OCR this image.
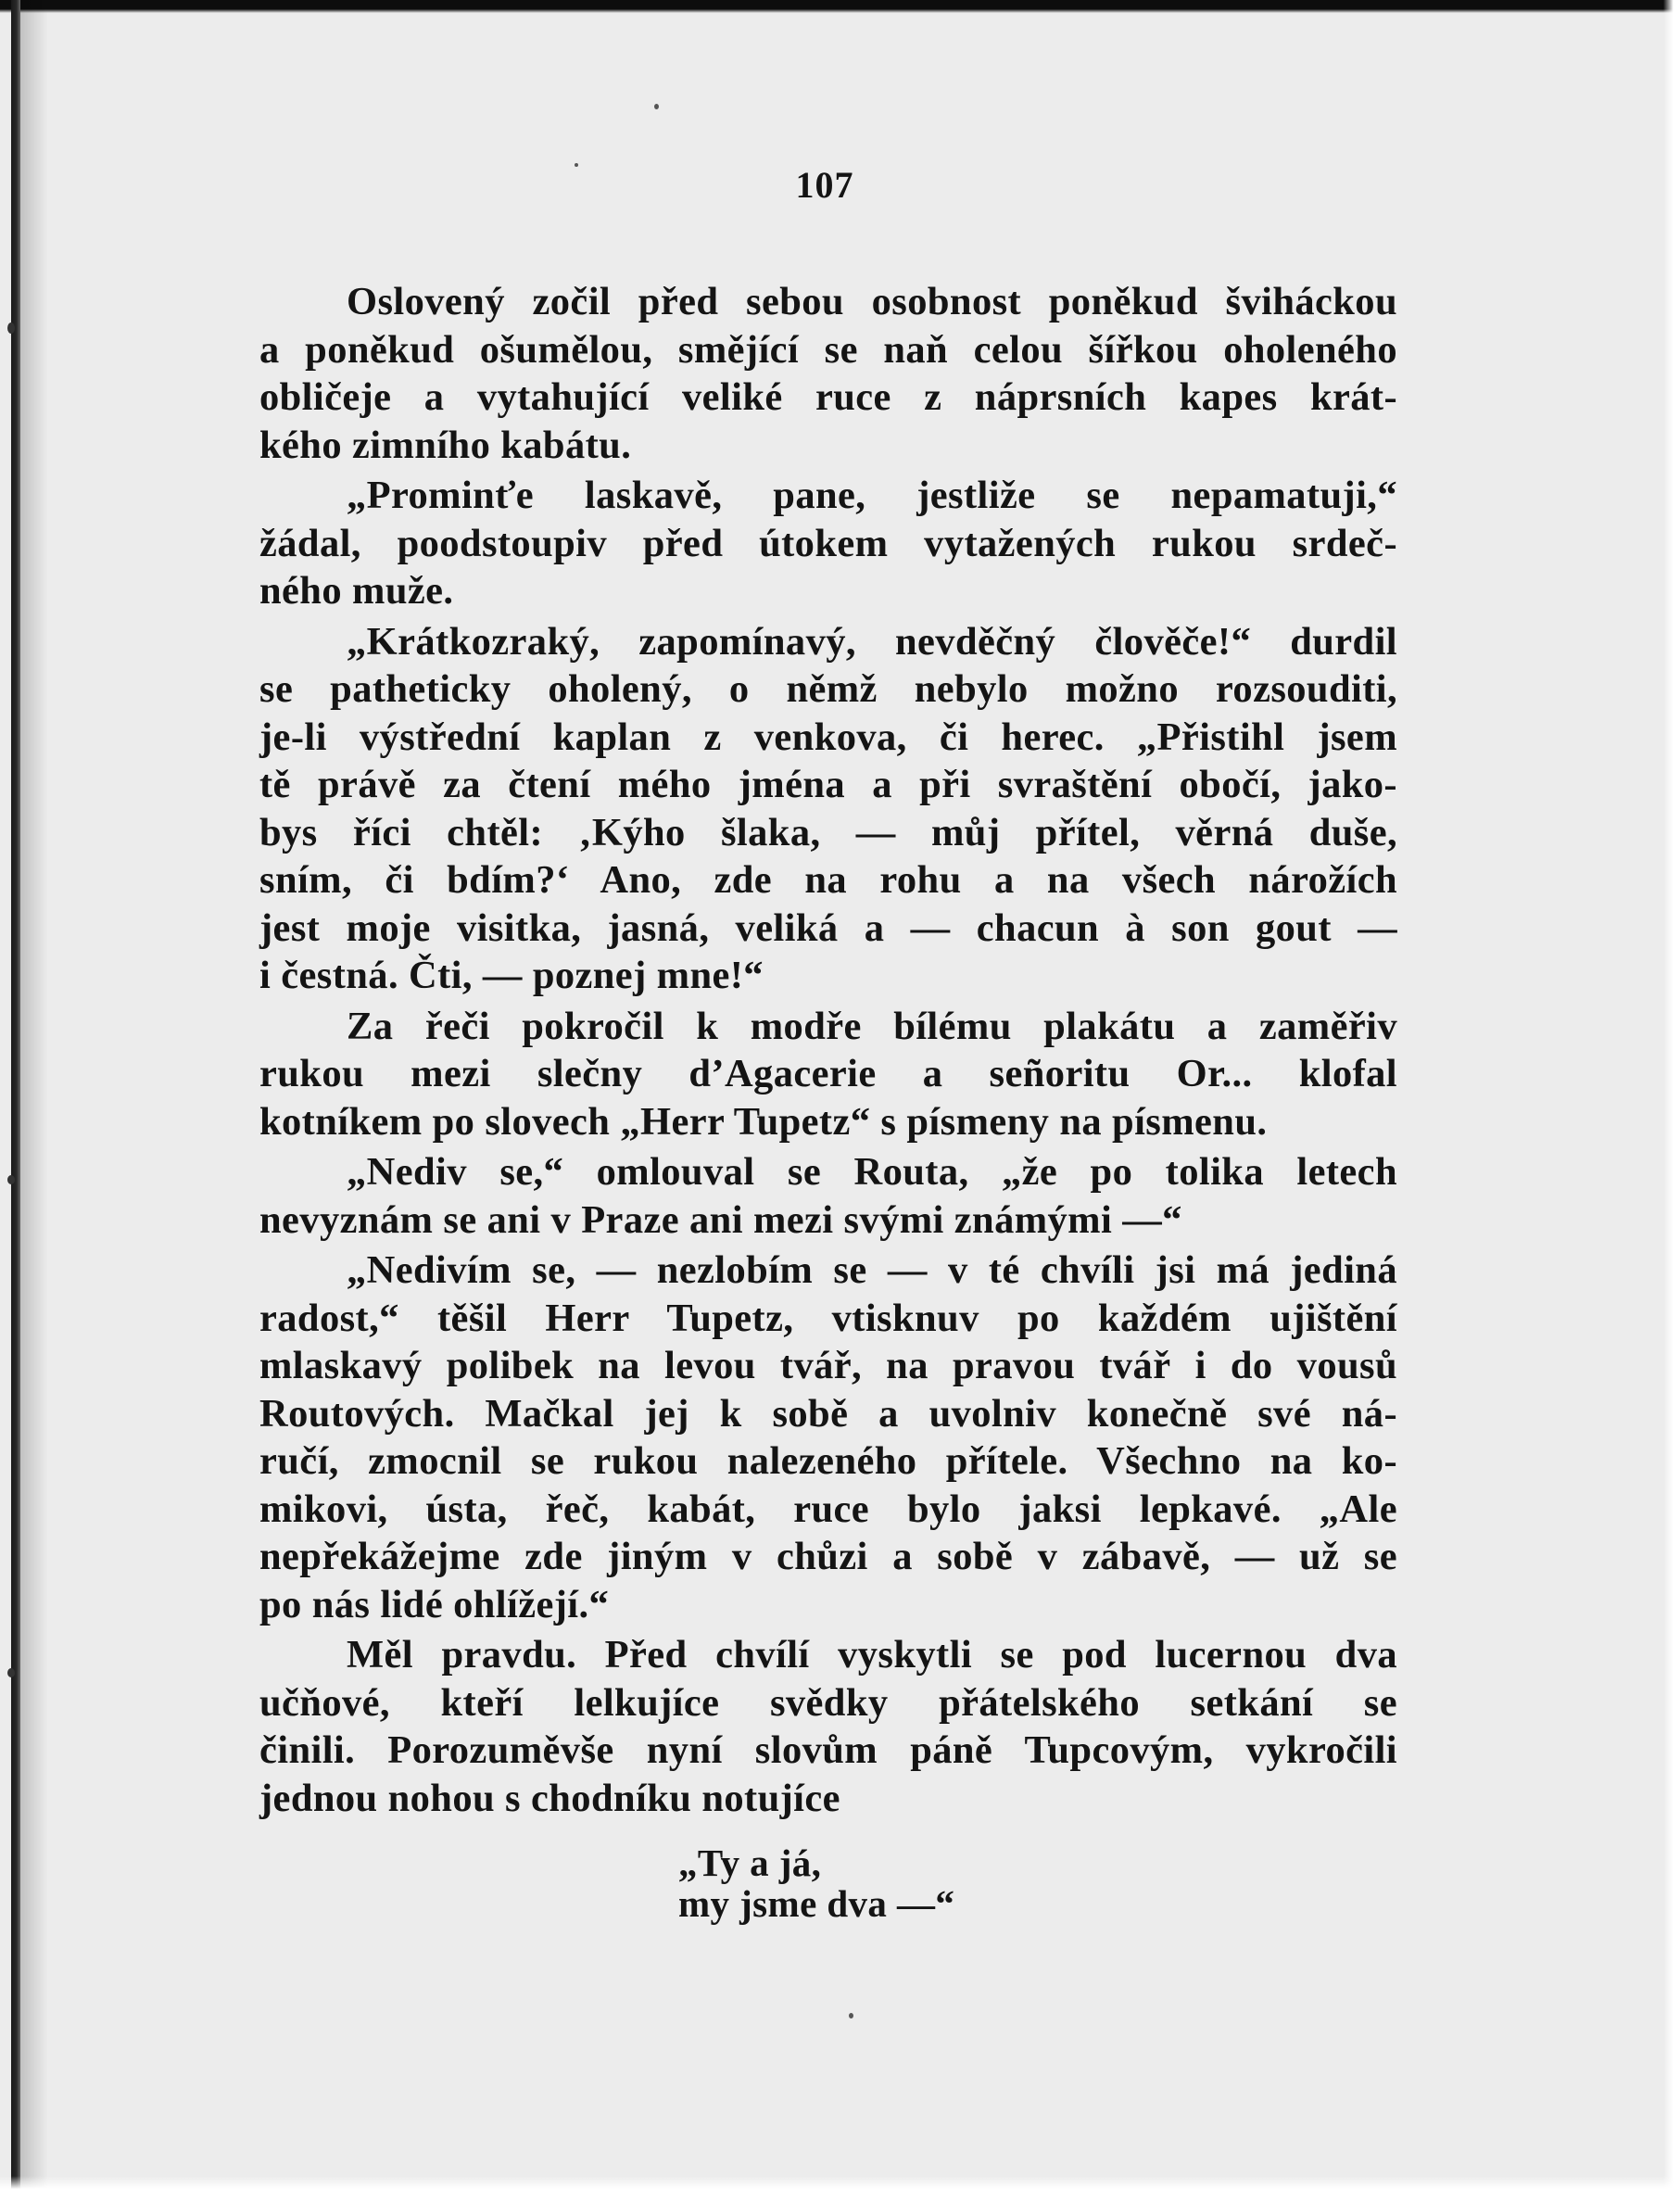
107
Oslovený zočil před sebou osobnost poněkud šviháckou
a poněkud ošumělou, smějící se naň celou šířkou oholeného
obličeje a vytahující veliké ruce z náprsních kapes krát-
kého zimního kabátu.
„Prominťe laskavě, pane, jestliže se nepamatuji,“
žádal, poodstoupiv před útokem vytažených rukou srdeč-
ného muže.
„Krátkozraký, zapomínavý, nevděčný člověče!“ durdil
se patheticky oholený, o němž nebylo možno rozsouditi,
je-li výstřední kaplan z venkova, či herec. „Přistihl jsem
tě právě za čtení mého jména a při svraštění obočí, jako-
bys říci chtěl: ‚Kýho šlaka, — můj přítel, věrná duše,
sním, či bdím?‘ Ano, zde na rohu a na všech nárožích
jest moje visitka, jasná, veliká a — chacun à son gout —
i čestná. Čti, — poznej mne!“
Za řeči pokročil k modře bílému plakátu a zaměřiv
rukou mezi slečny d’Agacerie a señoritu Or... klofal
kotníkem po slovech „Herr Tupetz“ s písmeny na písmenu.
„Nediv se,“ omlouval se Routa, „že po tolika letech
nevyznám se ani v Praze ani mezi svými známými —“
„Nedivím se, — nezlobím se — v té chvíli jsi má jediná
radost,“ těšil Herr Tupetz, vtisknuv po každém ujištění
mlaskavý polibek na levou tvář, na pravou tvář i do vousů
Routových. Mačkal jej k sobě a uvolniv konečně své ná-
ručí, zmocnil se rukou nalezeného přítele. Všechno na ko-
mikovi, ústa, řeč, kabát, ruce bylo jaksi lepkavé. „Ale
nepřekážejme zde jiným v chůzi a sobě v zábavě, — už se
po nás lidé ohlížejí.“
Měl pravdu. Před chvílí vyskytli se pod lucernou dva
učňové, kteří lelkujíce svědky přátelského setkání se
činili. Porozuměvše nyní slovům páně Tupcovým, vykročili
jednou nohou s chodníku notujíce
„Ty a já,
my jsme dva —“
